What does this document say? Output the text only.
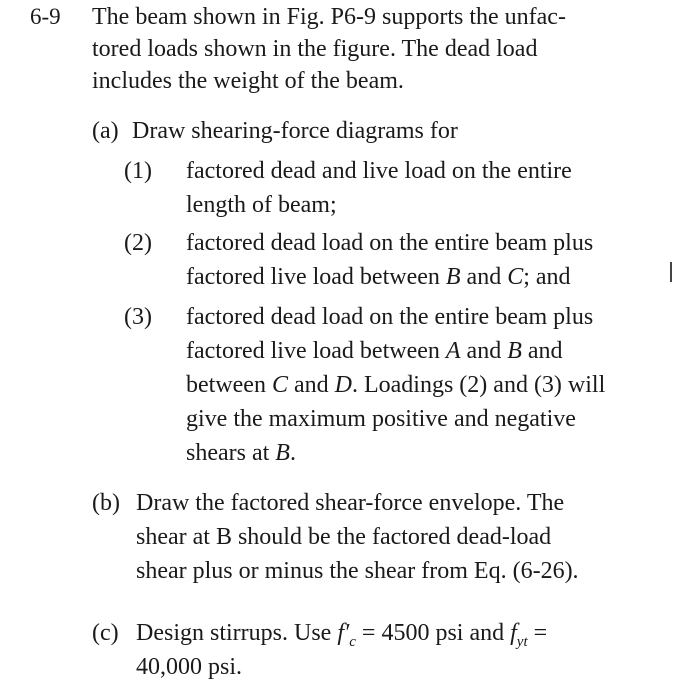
6-9 The beam shown in Fig. P6-9 supports the unfac-
tored loads shown in the figure. The dead load
includes the weight of the beam.
(a) Draw shearing-force diagrams for
(1) factored dead and live load on the entire
length of beam;
(2) factored dead load on the entire beam plus
factored live load between B and C; and
(3) factored dead load on the entire beam plus
factored live load between A and B and
between C and D. Loadings (2) and (3) will
give the maximum positive and negative
shears at B.
(b) Draw the factored shear-force envelope. The
shear at B should be the factored dead-load
shear plus or minus the shear from Eq. (6-26).
(c) Design stirrups. Use $f'_c = 4500$ psi and $f_{yt}$ =
40,000 psi.
